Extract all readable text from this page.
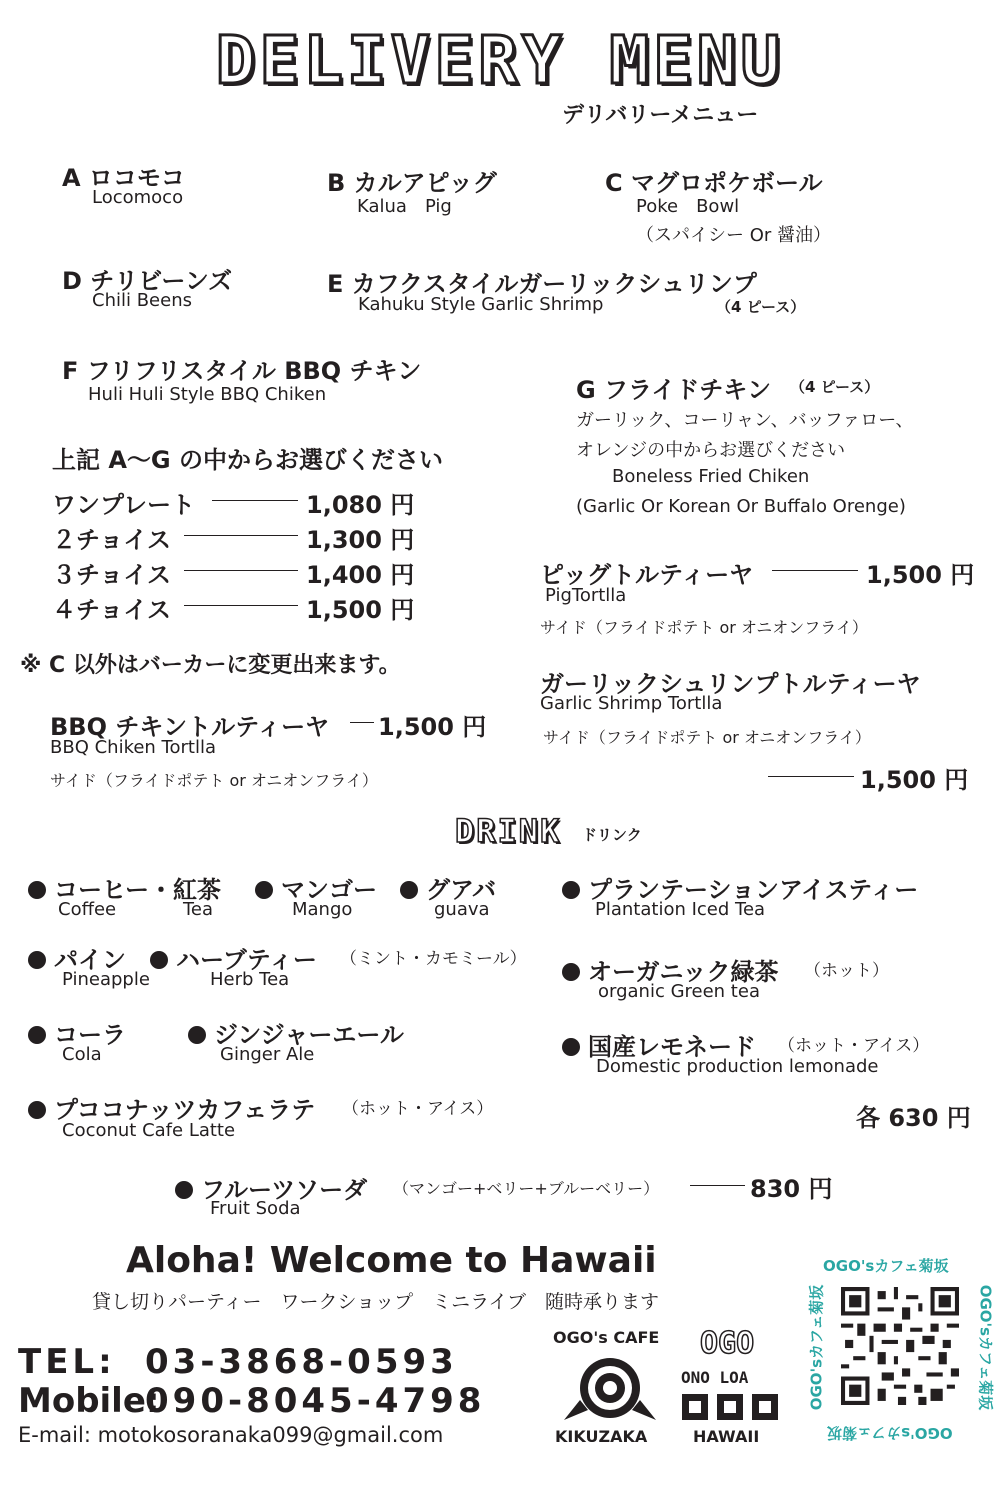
DELIVERY MENU
デリバリーメニュー
A ロコモコ
Locomoco
B カルアピッグ
Kalua　Pig
C マグロポケボール
Poke　Bowl
（スパイシー Or 醤油）
D チリビーンズ
Chili Beens
E カフクスタイルガーリックシュリンプ
Kahuku Style Garlic Shrimp	（4 ピース）
F フリフリスタイル BBQ チキン
Huli Huli Style BBQ Chiken	G フライドチキン （4 ピース）
ガーリック、コーリャン、バッファロー、
オレンジの中からお選びください
Boneless Fried Chiken
(Garlic Or Korean Or Buffalo Orenge)
上記 A〜G の中からお選びください
ワンプレート	1,080 円
２チョイス	1,300 円
３チョイス	1,400 円
４チョイス	1,500 円
※ C 以外はバーカーに変更出来ます。
BBQ チキントルティーヤ 1,500 円
BBQ Chiken Tortlla
サイド（フライドポテト or オニオンフライ）
ピッグトルティーヤ	1,500 円
PigTortlla
サイド（フライドポテト or オニオンフライ）
ガーリックシュリンプトルティーヤ
Garlic Shrimp Tortlla
サイド（フライドポテト or オニオンフライ）
1,500 円
DRINK ドリンク
コーヒー・紅茶
Coffee	Tea
マンゴー
Mango
グアバ
guava
プランテーションアイスティー
Plantation Iced Tea
パイン
Pineapple
ハーブティー （ミント・カモミール）
Herb Tea	オーガニック緑茶 （ホット）
organic Green tea
コーラ
Cola
ジンジャーエール
Ginger Ale	国産レモネード （ホット・アイス）
Domestic production lemonade
プココナッツカフェラテ （ホット・アイス）
Coconut Cafe Latte	各 630 円
フルーツソーダ （マンゴー+ベリー+ブルーベリー）	830 円
Fruit Soda
Aloha! Welcome to Hawaii
貸し切りパーティー　ワークショップ　ミニライブ　随時承ります
TEL: 03-3868-0593
Mobile:
090-8045-4798
E-mail: motokosoranaka099@gmail.com
OGO's CAFE
KIKUZAKA
OGO
ONO LOA
HAWAII
OGO'sカフェ菊坂
OGO'sカフェ菊坂
OGO'sカフェ菊坂	OGO'sカフェ菊坂
